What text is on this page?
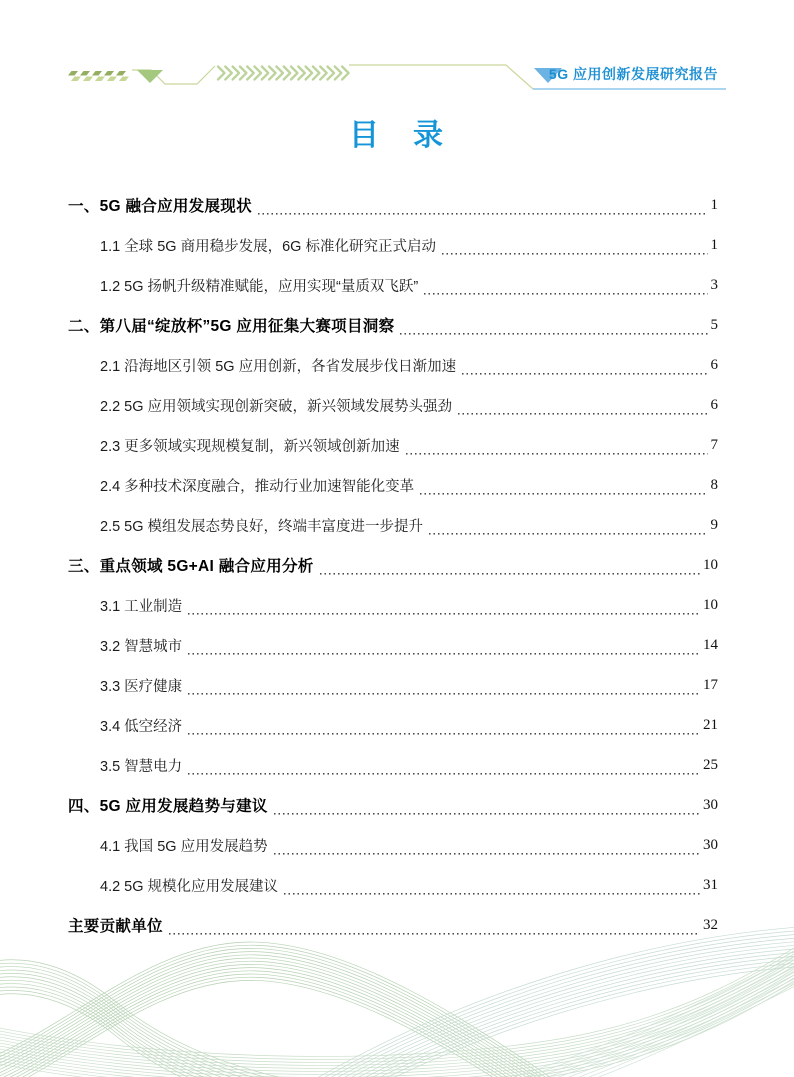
5G 应用创新发展研究报告
目　录
一、5G 融合应用发展现状	1
1.1 全球 5G 商用稳步发展，6G 标准化研究正式启动	1
1.2 5G 扬帆升级精准赋能，应用实现“量质双飞跃”	3
二、第八届“绽放杯”5G 应用征集大赛项目洞察	5
2.1 沿海地区引领 5G 应用创新，各省发展步伐日渐加速	6
2.2 5G 应用领域实现创新突破，新兴领域发展势头强劲	6
2.3 更多领域实现规模复制，新兴领域创新加速	7
2.4 多种技术深度融合，推动行业加速智能化变革	8
2.5 5G 模组发展态势良好，终端丰富度进一步提升	9
三、重点领域 5G+AI 融合应用分析	10
3.1 工业制造	10
3.2 智慧城市	14
3.3 医疗健康	17
3.4 低空经济	21
3.5 智慧电力	25
四、5G 应用发展趋势与建议	30
4.1 我国 5G 应用发展趋势	30
4.2 5G 规模化应用发展建议	31
主要贡献单位	32
